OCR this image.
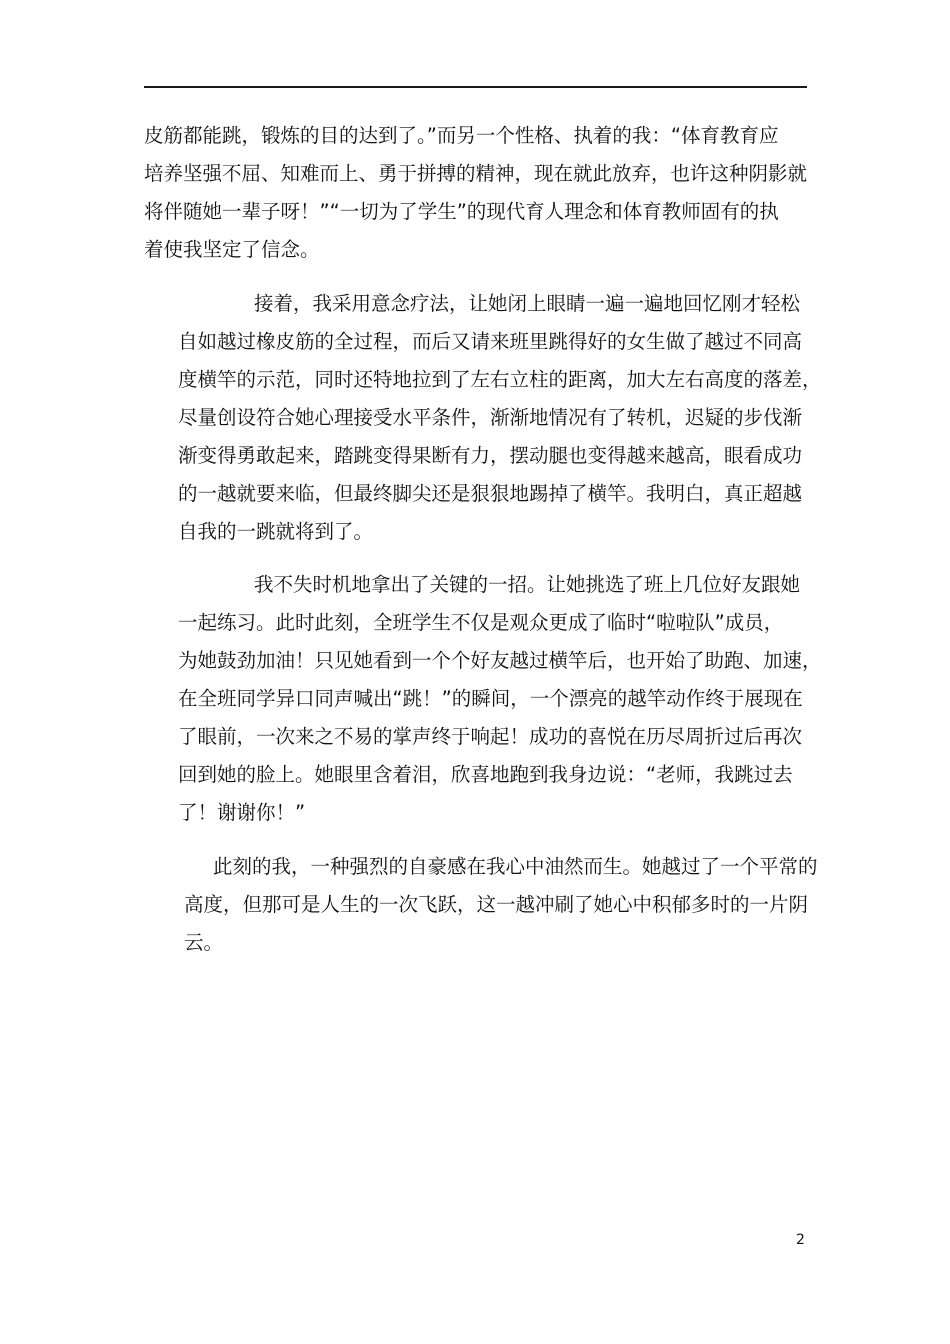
皮筋都能跳，锻炼的目的达到了。”而另一个性格、执着的我：“体育教育应
培养坚强不屈、知难而上、勇于拼搏的精神，现在就此放弃，也许这种阴影就
将伴随她一辈子呀！”“一切为了学生”的现代育人理念和体育教师固有的执
着使我坚定了信念。
接着，我采用意念疗法，让她闭上眼睛一遍一遍地回忆刚才轻松
自如越过橡皮筋的全过程，而后又请来班里跳得好的女生做了越过不同高
度横竿的示范，同时还特地拉到了左右立柱的距离，加大左右高度的落差，
尽量创设符合她心理接受水平条件，渐渐地情况有了转机，迟疑的步伐渐
渐变得勇敢起来，踏跳变得果断有力，摆动腿也变得越来越高，眼看成功
的一越就要来临，但最终脚尖还是狠狠地踢掉了横竿。我明白，真正超越
自我的一跳就将到了。
我不失时机地拿出了关键的一招。让她挑选了班上几位好友跟她
一起练习。此时此刻，全班学生不仅是观众更成了临时“啦啦队”成员，
为她鼓劲加油！只见她看到一个个好友越过横竿后，也开始了助跑、加速，
在全班同学异口同声喊出“跳！”的瞬间，一个漂亮的越竿动作终于展现在
了眼前，一次来之不易的掌声终于响起！成功的喜悦在历尽周折过后再次
回到她的脸上。她眼里含着泪，欣喜地跑到我身边说：“老师，我跳过去
了！谢谢你！”
此刻的我，一种强烈的自豪感在我心中油然而生。她越过了一个平常的
高度，但那可是人生的一次飞跃，这一越冲刷了她心中积郁多时的一片阴
云。
2
